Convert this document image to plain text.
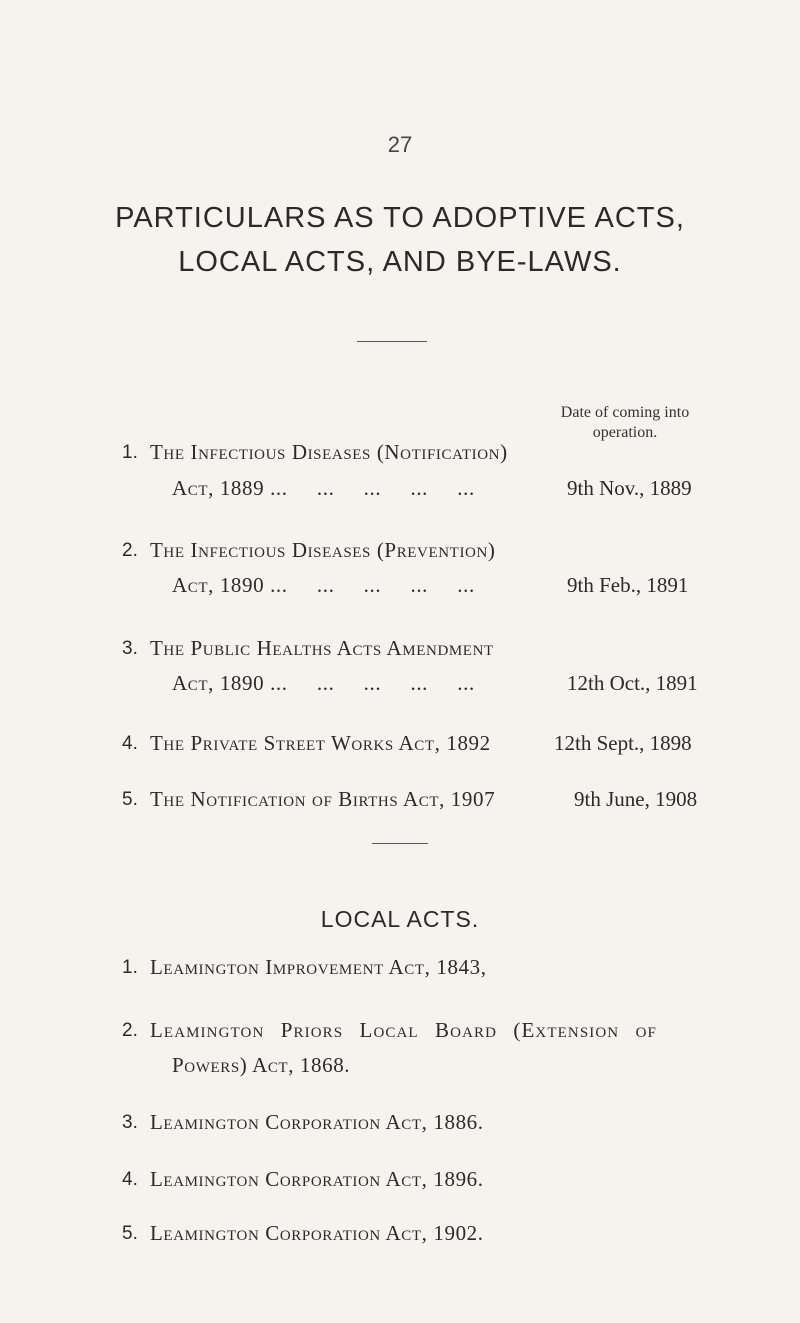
27
PARTICULARS AS TO ADOPTIVE ACTS,
LOCAL ACTS, AND BYE-LAWS.
Date of coming into
operation.
1. The Infectious Diseases (Notification)
Act, 1889 ...     ...     ...     ...     ...	9th Nov., 1889
2. The Infectious Diseases (Prevention)
Act, 1890 ...     ...     ...     ...     ...	9th Feb., 1891
3. The Public Healths Acts Amendment
Act, 1890 ...     ...     ...     ...     ...	12th Oct., 1891
4. The Private Street Works Act, 1892	12th Sept., 1898
5. The Notification of Births Act, 1907	9th June, 1908
LOCAL ACTS.
1. Leamington Improvement Act, 1843,
2. Leamington Priors Local Board (Extension of
Powers) Act, 1868.
3. Leamington Corporation Act, 1886.
4. Leamington Corporation Act, 1896.
5. Leamington Corporation Act, 1902.
